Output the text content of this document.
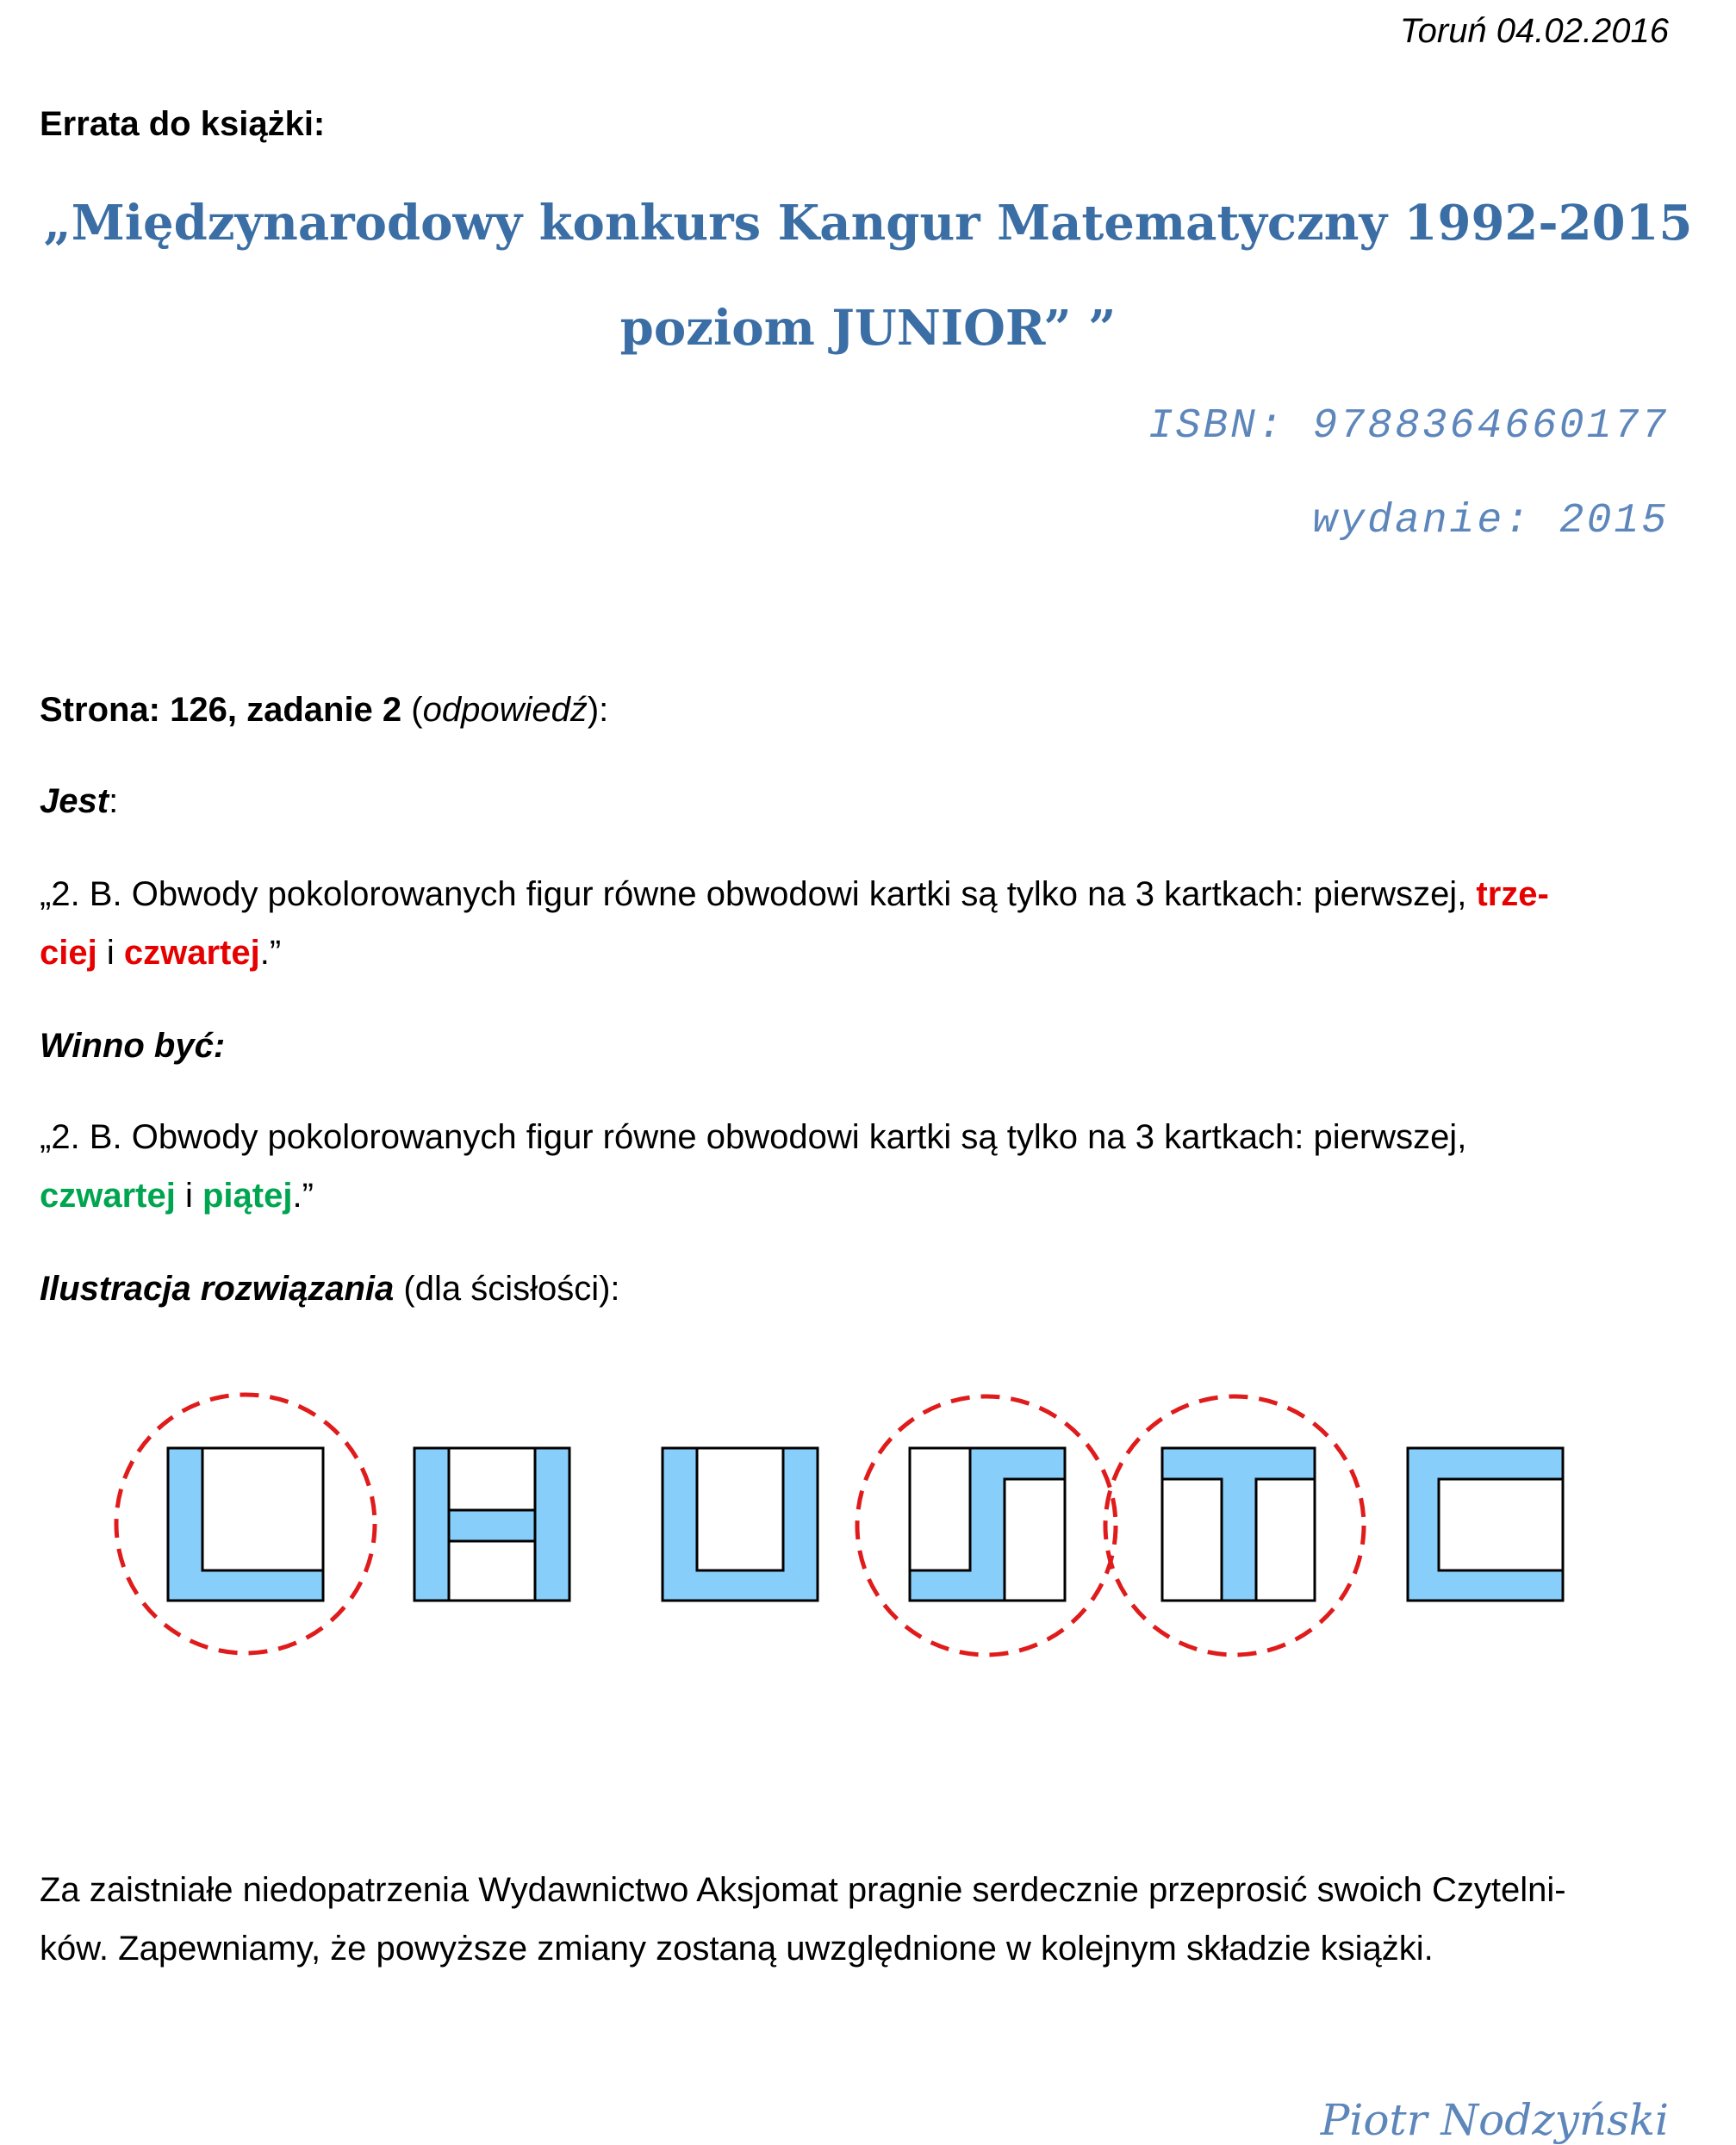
Toruń 04.02.2016
Errata do książki:
„Międzynarodowy konkurs Kangur Matematyczny 1992-2015
poziom JUNIOR” ”
ISBN: 9788364660177
wydanie: 2015
Strona: 126, zadanie 2 (odpowiedź):
Jest:
„2. B. Obwody pokolorowanych figur równe obwodowi kartki są tylko na 3 kartkach: pierwszej, trze-
ciej i czwartej.”
Winno być:
„2. B. Obwody pokolorowanych figur równe obwodowi kartki są tylko na 3 kartkach: pierwszej,
czwartej i piątej.”
Ilustracja rozwiązania (dla ścisłości):
Za zaistniałe niedopatrzenia Wydawnictwo Aksjomat pragnie serdecznie przeprosić swoich Czytelni-
ków. Zapewniamy, że powyższe zmiany zostaną uwzględnione w kolejnym składzie książki.
Piotr Nodzyński
